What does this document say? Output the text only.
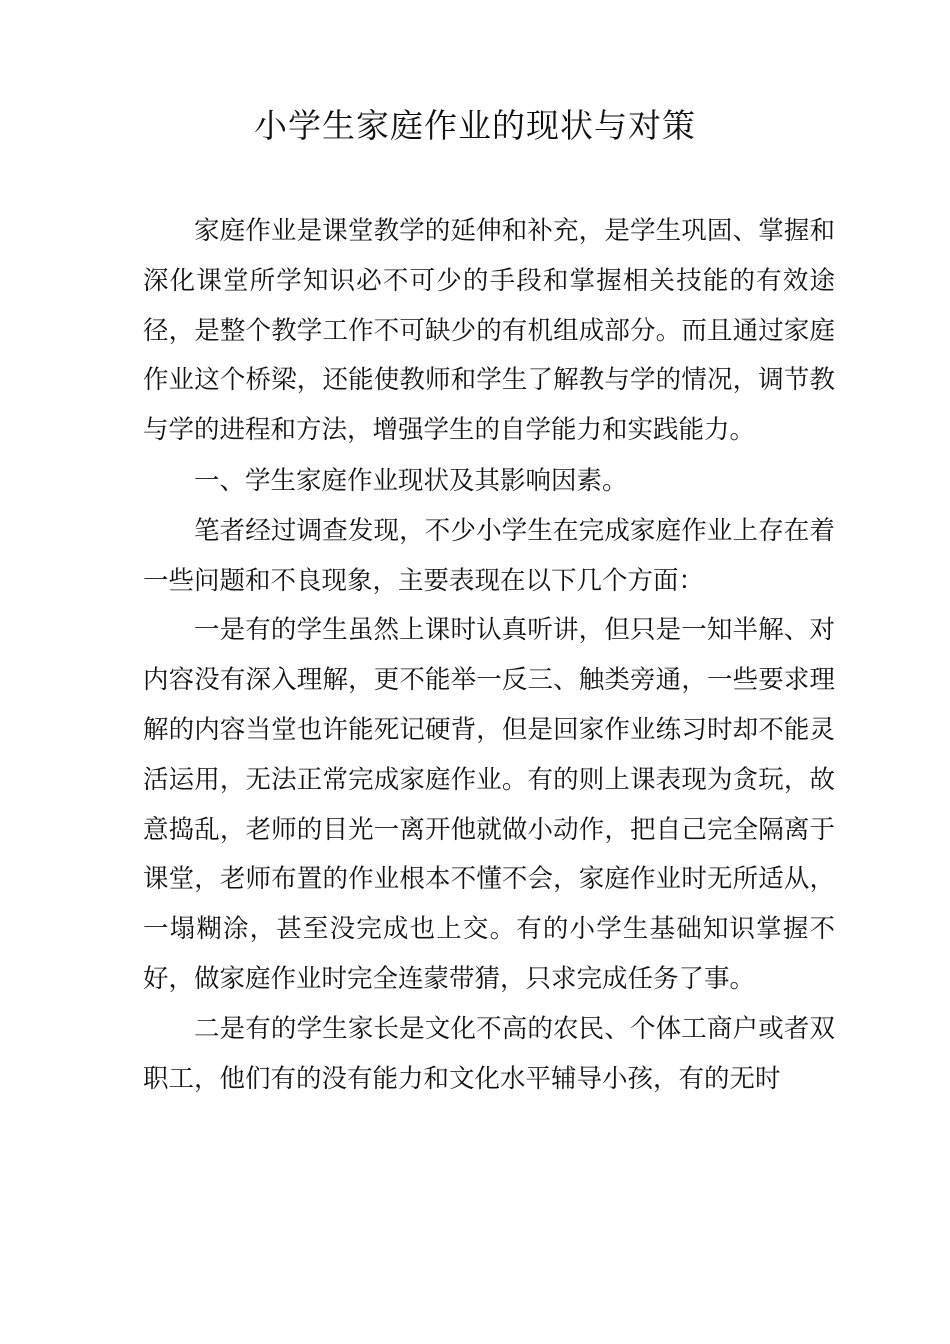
小学生家庭作业的现状与对策

家庭作业是课堂教学的延伸和补充，是学生巩固、掌握和深化课堂所学知识必不可少的手段和掌握相关技能的有效途径，是整个教学工作不可缺少的有机组成部分。而且通过家庭作业这个桥梁，还能使教师和学生了解教与学的情况，调节教与学的进程和方法，增强学生的自学能力和实践能力。

一、学生家庭作业现状及其影响因素。

笔者经过调查发现，不少小学生在完成家庭作业上存在着一些问题和不良现象，主要表现在以下几个方面：

一是有的学生虽然上课时认真听讲，但只是一知半解、对内容没有深入理解，更不能举一反三、触类旁通，一些要求理解的内容当堂也许能死记硬背，但是回家作业练习时却不能灵活运用，无法正常完成家庭作业。有的则上课表现为贪玩，故意捣乱，老师的目光一离开他就做小动作，把自己完全隔离于课堂，老师布置的作业根本不懂不会，家庭作业时无所适从，一塌糊涂，甚至没完成也上交。有的小学生基础知识掌握不好，做家庭作业时完全连蒙带猜，只求完成任务了事。

二是有的学生家长是文化不高的农民、个体工商户或者双职工，他们有的没有能力和文化水平辅导小孩，有的无时
